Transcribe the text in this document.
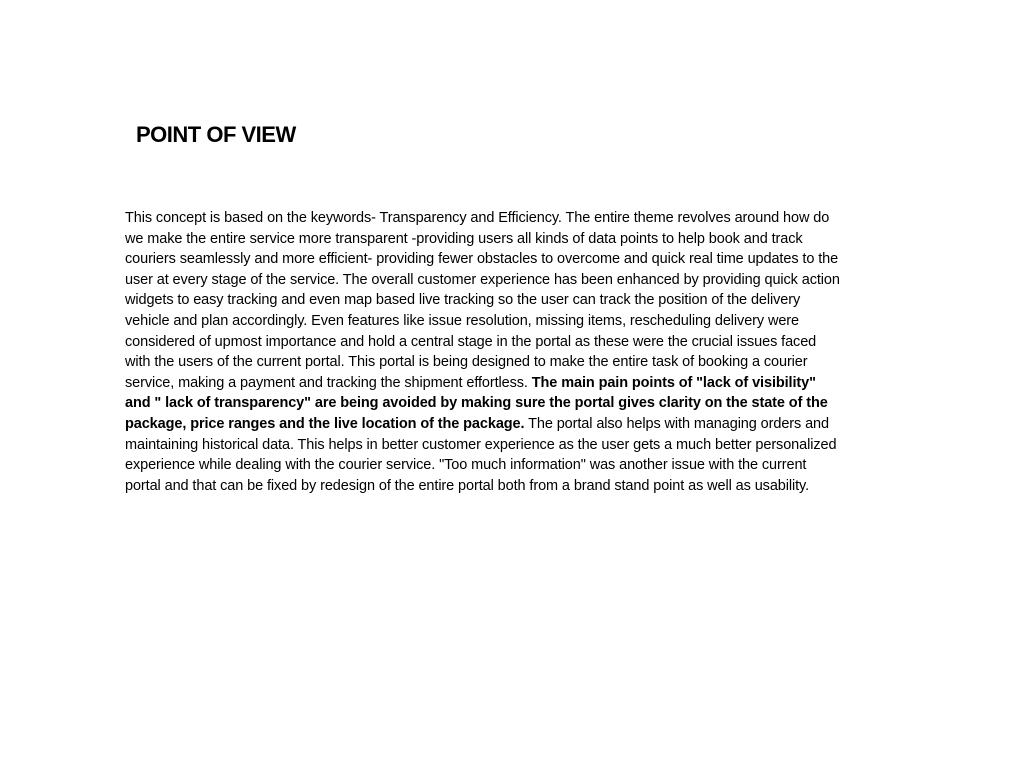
POINT OF VIEW

This concept is based on the keywords- Transparency and Efficiency. The entire theme revolves around how do we make the entire service more transparent -providing users all kinds of data points to help book and track couriers seamlessly and more efficient- providing fewer obstacles to overcome and quick real time updates to the user at every stage of the service. The overall customer experience has been enhanced by providing quick action widgets to easy tracking and even map based live tracking so the user can track the position of the delivery vehicle and plan accordingly. Even features like issue resolution, missing items, rescheduling delivery were considered of upmost importance and hold a central stage in the portal as these were the crucial issues faced with the users of the current portal. This portal is being designed to make the entire task of booking a courier service, making a payment and tracking the shipment effortless. The main pain points of "lack of visibility" and " lack of transparency" are being avoided by making sure the portal gives clarity on the state of the package, price ranges and the live location of the package. The portal also helps with managing orders and maintaining historical data. This helps in better customer experience as the user gets a much better personalized experience while dealing with the courier service. "Too much information" was another issue with the current portal and that can be fixed by redesign of the entire portal both from a brand stand point as well as usability.
